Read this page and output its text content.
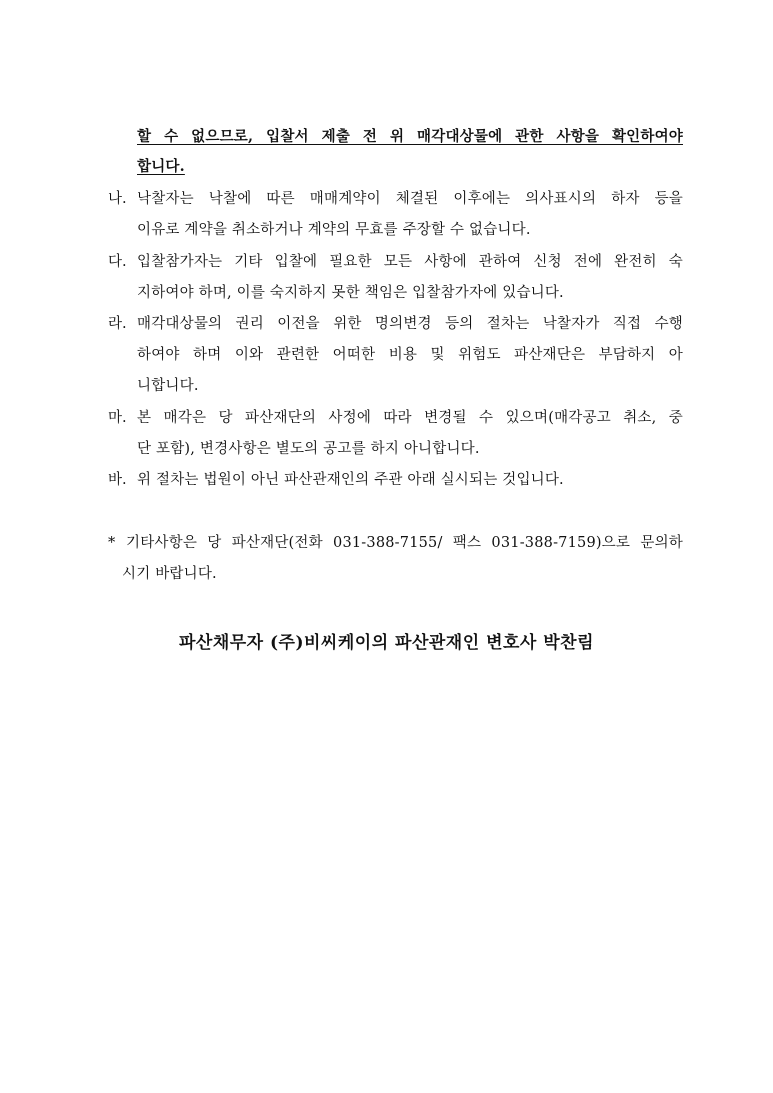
할 수 없으므로, 입찰서 제출 전 위 매각대상물에 관한 사항을 확인하여야
합니다.
나. 낙찰자는 낙찰에 따른 매매계약이 체결된 이후에는 의사표시의 하자 등을
이유로 계약을 취소하거나 계약의 무효를 주장할 수 없습니다.
다. 입찰참가자는 기타 입찰에 필요한 모든 사항에 관하여 신청 전에 완전히 숙
지하여야 하며, 이를 숙지하지 못한 책임은 입찰참가자에 있습니다.
라. 매각대상물의 권리 이전을 위한 명의변경 등의 절차는 낙찰자가 직접 수행
하여야 하며 이와 관련한 어떠한 비용 및 위험도 파산재단은 부담하지 아
니합니다.
마. 본 매각은 당 파산재단의 사정에 따라 변경될 수 있으며(매각공고 취소, 중
단 포함), 변경사항은 별도의 공고를 하지 아니합니다.
바. 위 절차는 법원이 아닌 파산관재인의 주관 아래 실시되는 것입니다.
* 기타사항은 당 파산재단(전화 031-388-7155/ 팩스 031-388-7159)으로 문의하
시기 바랍니다.
파산채무자 (주)비씨케이의 파산관재인 변호사 박찬림
